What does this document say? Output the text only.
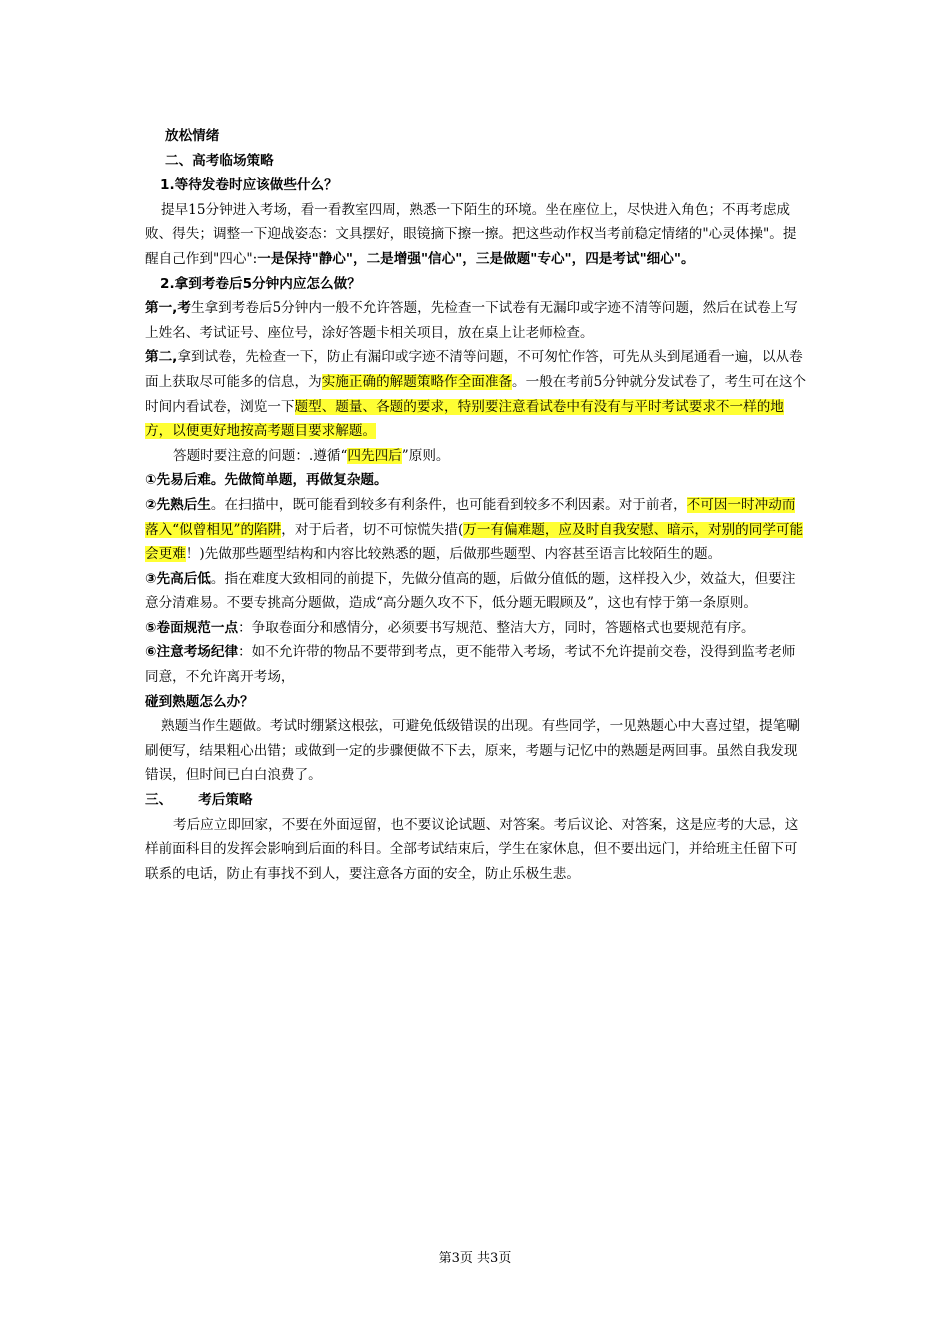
放松情绪

二、高考临场策略

1.等待发卷时应该做些什么？

提早15分钟进入考场，看一看教室四周，熟悉一下陌生的环境。坐在座位上，尽快进入角色；不再考虑成败、得失；调整一下迎战姿态：文具摆好，眼镜摘下擦一擦。把这些动作权当考前稳定情绪的"心灵体操"。提醒自己作到"四心":一是保持"静心"，二是增强"信心"，三是做题"专心"，四是考试"细心"。

2.拿到考卷后5分钟内应怎么做？

第一,考生拿到考卷后5分钟内一般不允许答题，先检查一下试卷有无漏印或字迹不清等问题，然后在试卷上写上姓名、考试证号、座位号，涂好答题卡相关项目，放在桌上让老师检查。

第二,拿到试卷，先检查一下，防止有漏印或字迹不清等问题，不可匆忙作答，可先从头到尾通看一遍，以从卷面上获取尽可能多的信息，为实施正确的解题策略作全面准备。一般在考前5分钟就分发试卷了，考生可在这个时间内看试卷，浏览一下题型、题量、各题的要求，特别要注意看试卷中有没有与平时考试要求不一样的地方，以便更好地按高考题目要求解题。

答题时要注意的问题：.遵循“四先四后”原则。

①先易后难。先做简单题，再做复杂题。

②先熟后生。在扫描中，既可能看到较多有利条件，也可能看到较多不利因素。对于前者，不可因一时冲动而落入“似曾相见”的陷阱，对于后者，切不可惊慌失措(万一有偏难题，应及时自我安慰、暗示，对别的同学可能会更难！)先做那些题型结构和内容比较熟悉的题，后做那些题型、内容甚至语言比较陌生的题。

③先高后低。指在难度大致相同的前提下，先做分值高的题，后做分值低的题，这样投入少，效益大，但要注意分清难易。不要专挑高分题做，造成“高分题久攻不下，低分题无暇顾及”，这也有悖于第一条原则。

⑤卷面规范一点：争取卷面分和感情分，必须要书写规范、整洁大方，同时，答题格式也要规范有序。

⑥注意考场纪律：如不允许带的物品不要带到考点，更不能带入考场，考试不允许提前交卷，没得到监考老师同意，不允许离开考场，

碰到熟题怎么办？

熟题当作生题做。考试时绷紧这根弦，可避免低级错误的出现。有些同学，一见熟题心中大喜过望，提笔唰刷便写，结果粗心出错；或做到一定的步骤便做不下去，原来，考题与记忆中的熟题是两回事。虽然自我发现错误，但时间已白白浪费了。

三、 考后策略

考后应立即回家，不要在外面逗留，也不要议论试题、对答案。考后议论、对答案，这是应考的大忌，这样前面科目的发挥会影响到后面的科目。全部考试结束后，学生在家休息，但不要出远门，并给班主任留下可联系的电话，防止有事找不到人，要注意各方面的安全，防止乐极生悲。

第3页 共3页
